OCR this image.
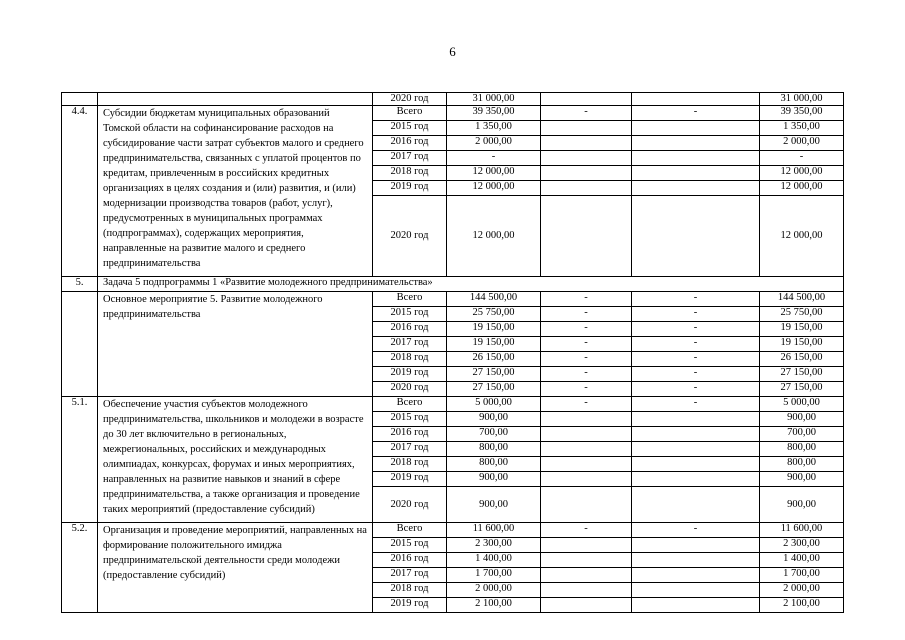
6
		2020 год	31 000,00			31 000,00
4.4.	Субсидии бюджетам муниципальных образований Томской области на софинансирование расходов на субсидирование части затрат субъектов малого и среднего предпринимательства, связанных с уплатой процентов по кредитам, привлеченным в российских кредитных организациях в целях создания и (или) развития, и (или) модернизации производства товаров (работ, услуг), предусмотренных в муниципальных программах (подпрограммах), содержащих мероприятия, направленные на развитие малого и среднего предпринимательства	Всего	39 350,00	-	-	39 350,00
		2015 год	1 350,00			1 350,00
		2016 год	2 000,00			2 000,00
		2017 год	-			-
		2018 год	12 000,00			12 000,00
		2019 год	12 000,00			12 000,00
		2020 год	12 000,00			12 000,00
5.	Задача 5 подпрограммы 1 «Развитие молодежного предпринимательства»					
	Основное мероприятие 5. Развитие молодежного предпринимательства	Всего	144 500,00	-	-	144 500,00
		2015 год	25 750,00	-	-	25 750,00
		2016 год	19 150,00	-	-	19 150,00
		2017 год	19 150,00	-	-	19 150,00
		2018 год	26 150,00	-	-	26 150,00
		2019 год	27 150,00	-	-	27 150,00
		2020 год	27 150,00	-	-	27 150,00
5.1.	Обеспечение участия субъектов молодежного предпринимательства, школьников и молодежи в возрасте до 30 лет включительно в региональных, межрегиональных, российских и международных олимпиадах, конкурсах, форумах и иных мероприятиях, направленных на развитие навыков и знаний в сфере предпринимательства, а также организация и проведение таких мероприятий (предоставление субсидий)	Всего	5 000,00	-	-	5 000,00
		2015 год	900,00			900,00
		2016 год	700,00			700,00
		2017 год	800,00			800,00
		2018 год	800,00			800,00
		2019 год	900,00			900,00
		2020 год	900,00			900,00
5.2.	Организация и проведение мероприятий, направленных на формирование положительного имиджа предпринимательской деятельности среди молодежи (предоставление субсидий)	Всего	11 600,00	-	-	11 600,00
		2015 год	2 300,00			2 300,00
		2016 год	1 400,00			1 400,00
		2017 год	1 700,00			1 700,00
		2018 год	2 000,00			2 000,00
		2019 год	2 100,00			2 100,00
